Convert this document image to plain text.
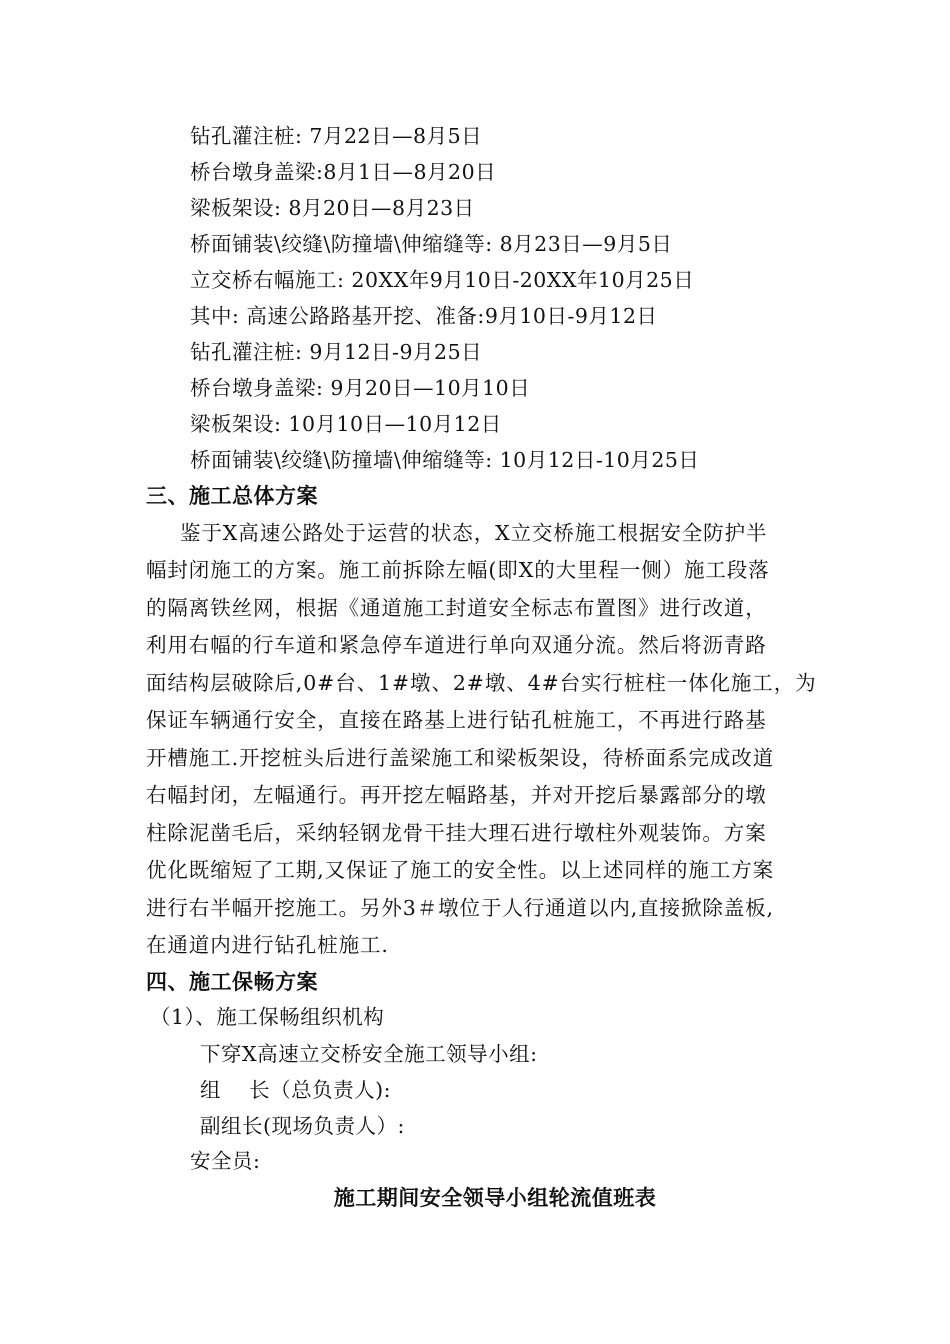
钻孔灌注桩: 7月22日—8月5日
桥台墩身盖梁:8月1日—8月20日
梁板架设: 8月20日—8月23日
桥面铺装\绞缝\防撞墙\伸缩缝等: 8月23日—9月5日
立交桥右幅施工: 20XX年9月10日-20XX年10月25日
其中: 高速公路路基开挖、准备:9月10日-9月12日
钻孔灌注桩: 9月12日-9月25日
桥台墩身盖梁: 9月20日—10月10日
梁板架设: 10月10日—10月12日
桥面铺装\绞缝\防撞墙\伸缩缝等: 10月12日-10月25日
三、施工总体方案
鉴于X高速公路处于运营的状态，X立交桥施工根据安全防护半
幅封闭施工的方案。施工前拆除左幅(即X的大里程一侧）施工段落
的隔离铁丝网，根据《通道施工封道安全标志布置图》进行改道，
利用右幅的行车道和紧急停车道进行单向双通分流。然后将沥青路
面结构层破除后,0#台、1#墩、2#墩、4#台实行桩柱一体化施工，为
保证车辆通行安全，直接在路基上进行钻孔桩施工，不再进行路基
开槽施工.开挖桩头后进行盖梁施工和梁板架设，待桥面系完成改道
右幅封闭，左幅通行。再开挖左幅路基，并对开挖后暴露部分的墩
柱除泥凿毛后，采纳轻钢龙骨干挂大理石进行墩柱外观装饰。方案
优化既缩短了工期,又保证了施工的安全性。以上述同样的施工方案
进行右半幅开挖施工。另外3＃墩位于人行通道以内,直接掀除盖板,
在通道内进行钻孔桩施工.
四、施工保畅方案
（1）、施工保畅组织机构
下穿X高速立交桥安全施工领导小组:
组    长（总负责人):
副组长(现场负责人）:
安全员:
施工期间安全领导小组轮流值班表
